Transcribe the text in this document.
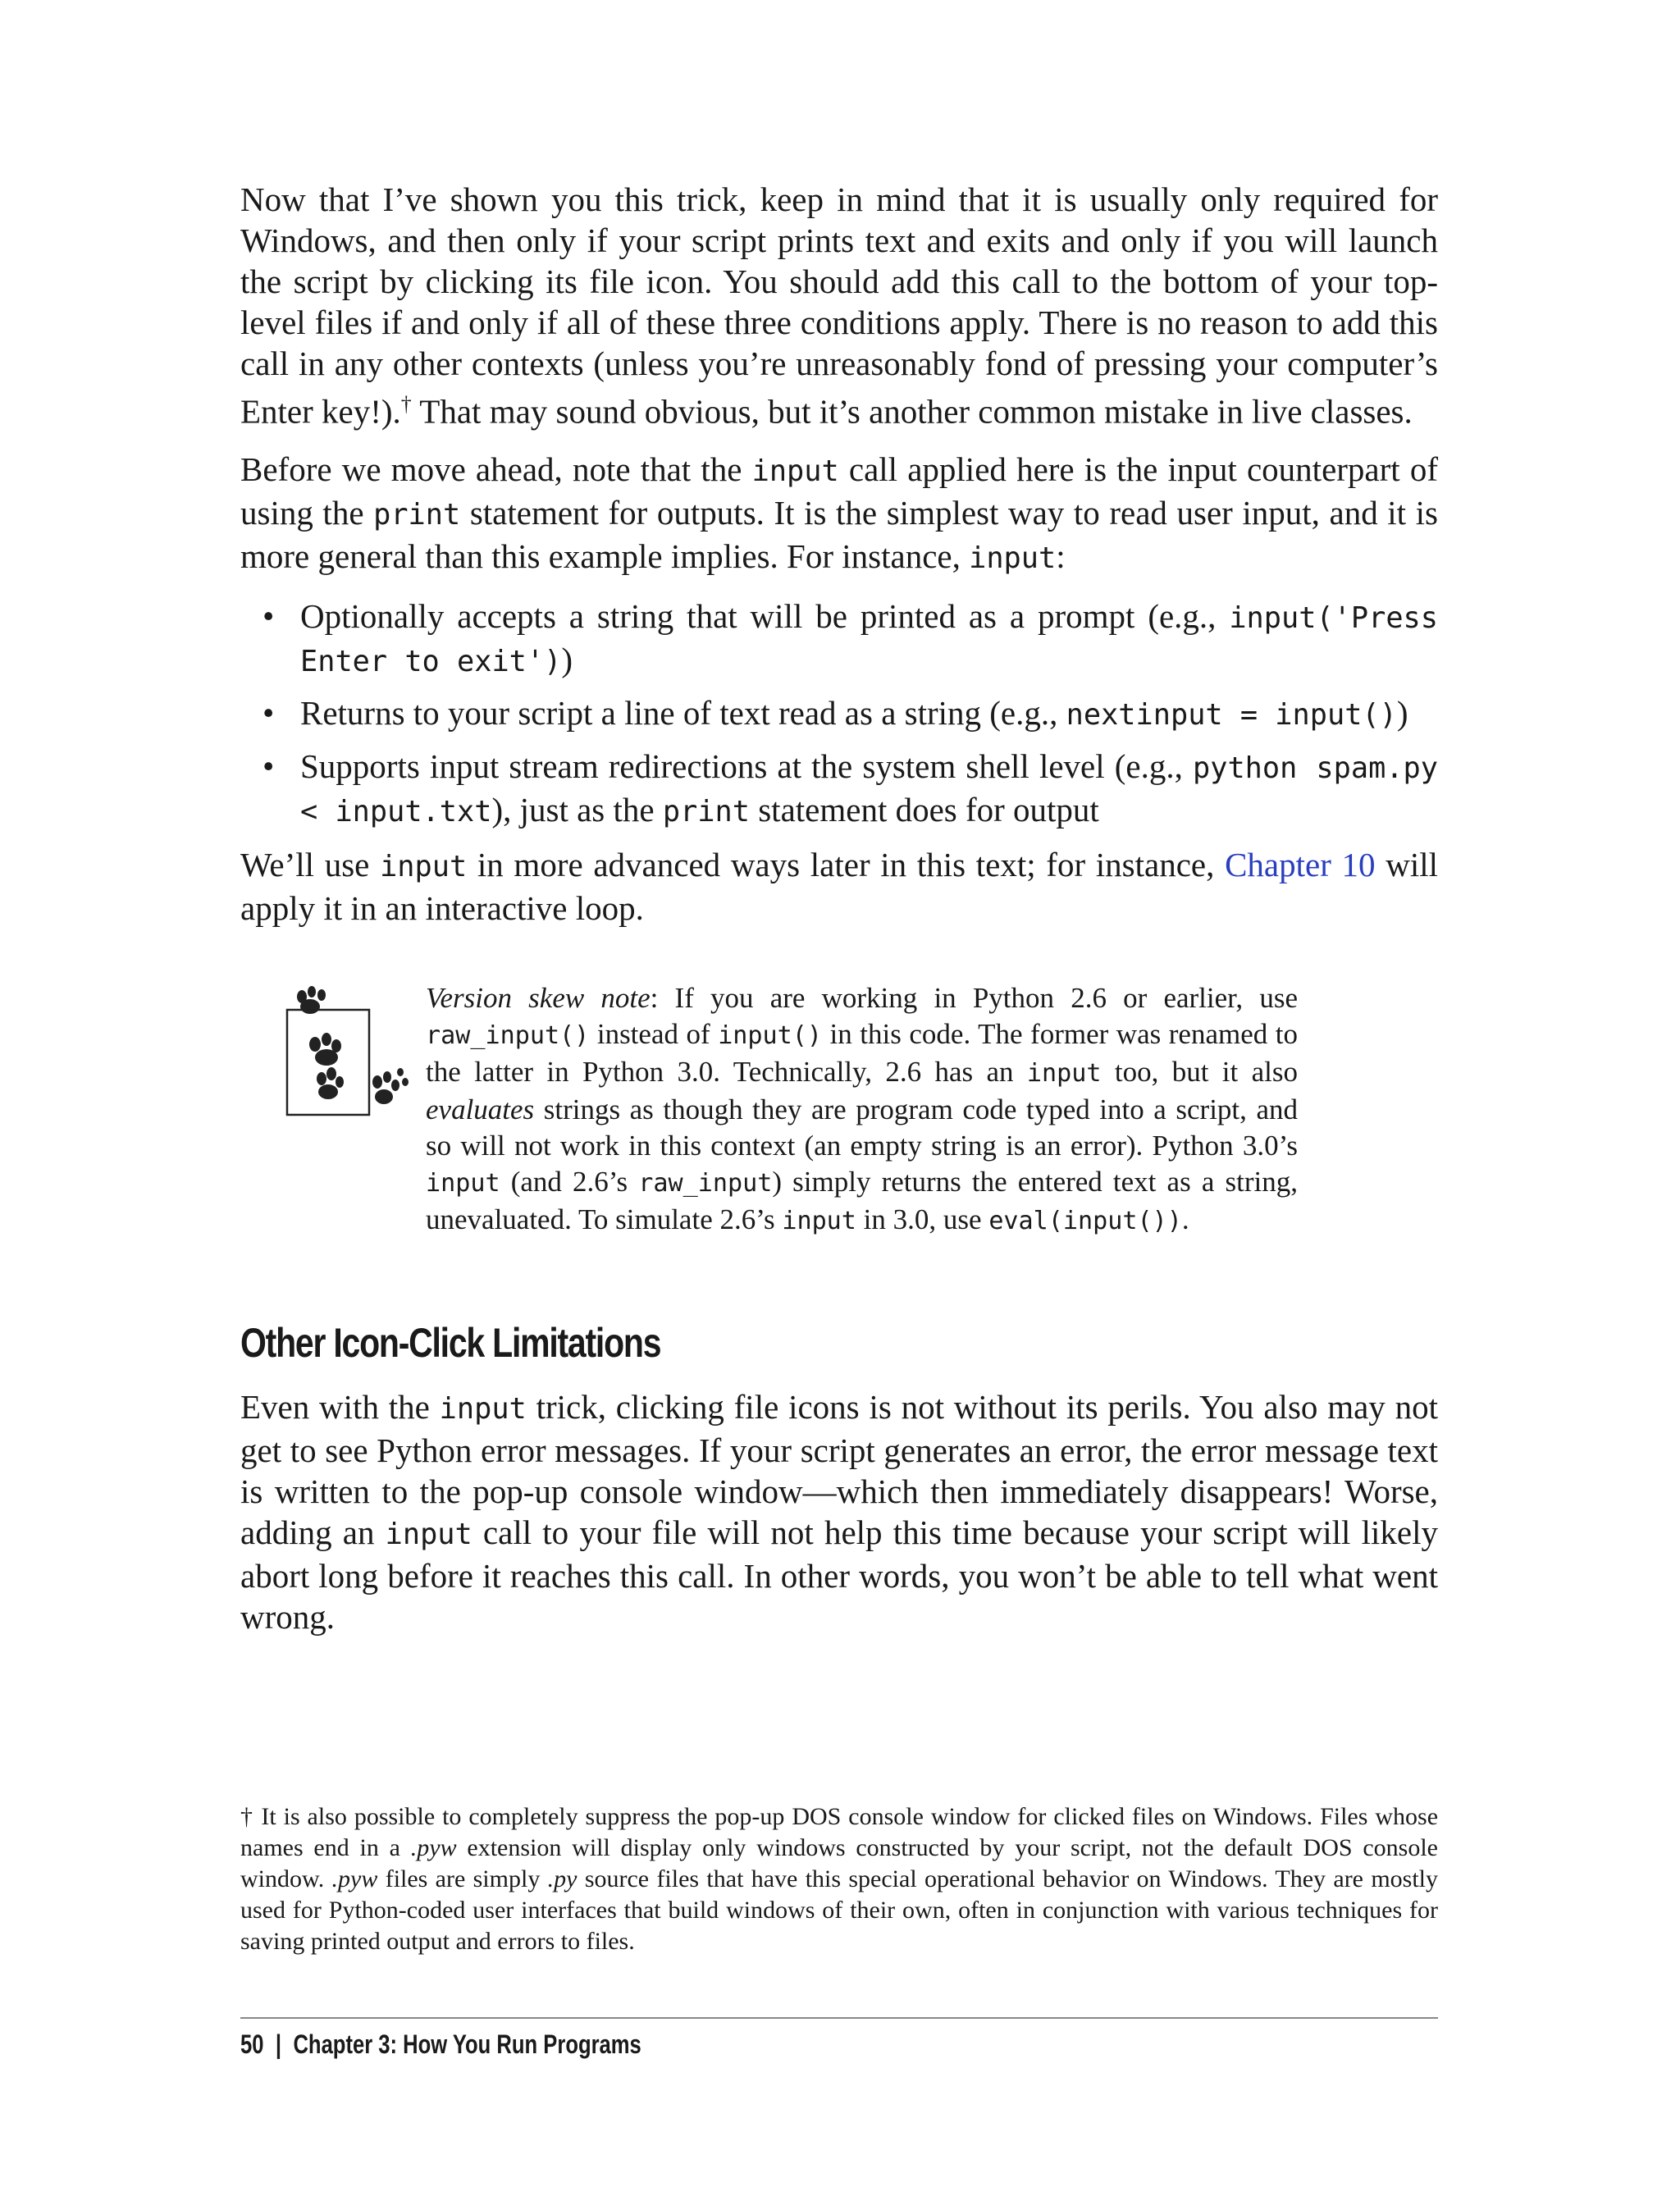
Now that I’ve shown you this trick, keep in mind that it is usually only required for Windows, and then only if your script prints text and exits and only if you will launch the script by clicking its file icon. You should add this call to the bottom of your top-level files if and only if all of these three conditions apply. There is no reason to add this call in any other contexts (unless you’re unreasonably fond of pressing your computer’s Enter key!).† That may sound obvious, but it’s another common mistake in live classes.

Before we move ahead, note that the input call applied here is the input counterpart of using the print statement for outputs. It is the simplest way to read user input, and it is more general than this example implies. For instance, input:

• Optionally accepts a string that will be printed as a prompt (e.g., input('Press Enter to exit'))
• Returns to your script a line of text read as a string (e.g., nextinput = input())
• Supports input stream redirections at the system shell level (e.g., python spam.py < input.txt), just as the print statement does for output

We’ll use input in more advanced ways later in this text; for instance, Chapter 10 will apply it in an interactive loop.

Version skew note: If you are working in Python 2.6 or earlier, use raw_input() instead of input() in this code. The former was renamed to the latter in Python 3.0. Technically, 2.6 has an input too, but it also evaluates strings as though they are program code typed into a script, and so will not work in this context (an empty string is an error). Python 3.0’s input (and 2.6’s raw_input) simply returns the entered text as a string, unevaluated. To simulate 2.6’s input in 3.0, use eval(input()).
Other Icon-Click Limitations

Even with the input trick, clicking file icons is not without its perils. You also may not get to see Python error messages. If your script generates an error, the error message text is written to the pop-up console window—which then immediately disappears! Worse, adding an input call to your file will not help this time because your script will likely abort long before it reaches this call. In other words, you won’t be able to tell what went wrong.

† It is also possible to completely suppress the pop-up DOS console window for clicked files on Windows. Files whose names end in a .pyw extension will display only windows constructed by your script, not the default DOS console window. .pyw files are simply .py source files that have this special operational behavior on Windows. They are mostly used for Python-coded user interfaces that build windows of their own, often in conjunction with various techniques for saving printed output and errors to files.
50 | Chapter 3: How You Run Programs
